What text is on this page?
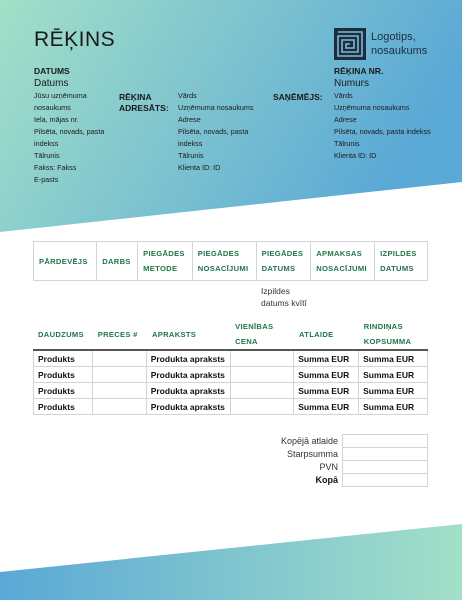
RĒĶINS	Logotips,
nosaukums
DATUMS
Datums
Jūsu uzņēmuma
nosaukums
Iela, mājas nr.
Pilsēta, novads, pasta
indekss
Tālrunis
Fakss: Fakss
E-pasts
RĒĶINA
ADRESĀTS:
Vārds
Uzņēmuma nosaukums
Adrese
Pilsēta, novads, pasta
indekss
Tālrunis
Klienta ID: ID
SAŅĒMĒJS:
RĒĶINA NR.
Numurs
Vārds
Uzņēmuma nosaukums
Adrese
Pilsēta, novads, pasta indekss
Tālrunis
Klienta ID: ID
PĀRDEVĒJS	DARBS	PIEGĀDES METODE	PIEGĀDES NOSACĪJUMI	PIEGĀDES DATUMS	APMAKSAS NOSACĪJUMI	IZPILDES DATUMS
Izpildes
datums kvītī
DAUDZUMS	PRECES #	APRAKSTS	VIENĪBAS CENA	ATLAIDE	RINDIŅAS KOPSUMMA
Produkts		Produkta apraksts		Summa EUR	Summa EUR
Produkts		Produkta apraksts		Summa EUR	Summa EUR
Produkts		Produkta apraksts		Summa EUR	Summa EUR
Produkts		Produkta apraksts		Summa EUR	Summa EUR
Kopējā atlaide	
Starpsumma	
PVN	
Kopā	
